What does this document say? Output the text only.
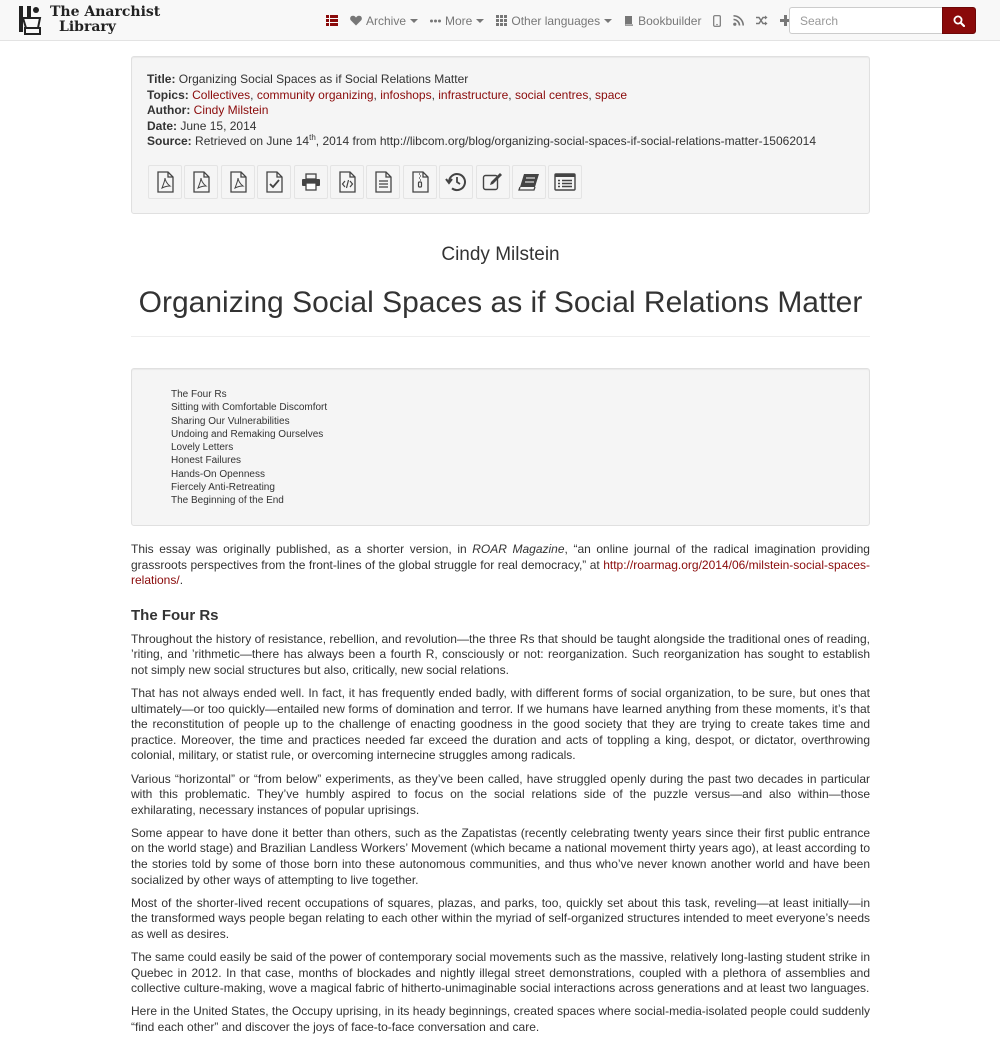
The Anarchist
Library	Archive	More	Other languages	Bookbuilder
Search
Title: Organizing Social Spaces as if Social Relations Matter
Topics: Collectives, community organizing, infoshops, infrastructure, social centres, space
Author: Cindy Milstein
Date: June 15, 2014
Source: Retrieved on June 14th, 2014 from http://libcom.org/blog/organizing-social-spaces-if-social-relations-matter-15062014
Cindy Milstein
Organizing Social Spaces as if Social Relations Matter
The Four Rs
Sitting with Comfortable Discomfort
Sharing Our Vulnerabilities
Undoing and Remaking Ourselves
Lovely Letters
Honest Failures
Hands-On Openness
Fiercely Anti-Retreating
The Beginning of the End

This essay was originally published, as a shorter version, in ROAR Magazine, “an online journal of the radical imagination providing grassroots perspectives from the front-lines of the global struggle for real democracy,” at http://roarmag.org/2014/06/milstein-social-spaces-relations/.

The Four Rs

Throughout the history of resistance, rebellion, and revolution—the three Rs that should be taught alongside the traditional ones of reading, ’riting, and ’rithmetic—there has always been a fourth R, consciously or not: reorganization. Such reorganization has sought to establish not simply new social structures but also, critically, new social relations.

That has not always ended well. In fact, it has frequently ended badly, with different forms of social organization, to be sure, but ones that ultimately—or too quickly—entailed new forms of domination and terror. If we humans have learned anything from these moments, it’s that the reconstitution of people up to the challenge of enacting goodness in the good society that they are trying to create takes time and practice. Moreover, the time and practices needed far exceed the duration and acts of toppling a king, despot, or dictator, overthrowing colonial, military, or statist rule, or overcoming internecine struggles among radicals.

Various “horizontal” or “from below” experiments, as they’ve been called, have struggled openly during the past two decades in particular with this problematic. They’ve humbly aspired to focus on the social relations side of the puzzle versus—and also within—those exhilarating, necessary instances of popular uprisings.

Some appear to have done it better than others, such as the Zapatistas (recently celebrating twenty years since their first public entrance on the world stage) and Brazilian Landless Workers’ Movement (which became a national movement thirty years ago), at least according to the stories told by some of those born into these autonomous communities, and thus who’ve never known another world and have been socialized by other ways of attempting to live together.

Most of the shorter-lived recent occupations of squares, plazas, and parks, too, quickly set about this task, reveling—at least initially—in the transformed ways people began relating to each other within the myriad of self-organized structures intended to meet everyone’s needs as well as desires.

The same could easily be said of the power of contemporary social movements such as the massive, relatively long-lasting student strike in Quebec in 2012. In that case, months of blockades and nightly illegal street demonstrations, coupled with a plethora of assemblies and collective culture-making, wove a magical fabric of hitherto-unimaginable social interactions across generations and at least two languages.

Here in the United States, the Occupy uprising, in its heady beginnings, created spaces where social-media-isolated people could suddenly “find each other” and discover the joys of face-to-face conversation and care.
